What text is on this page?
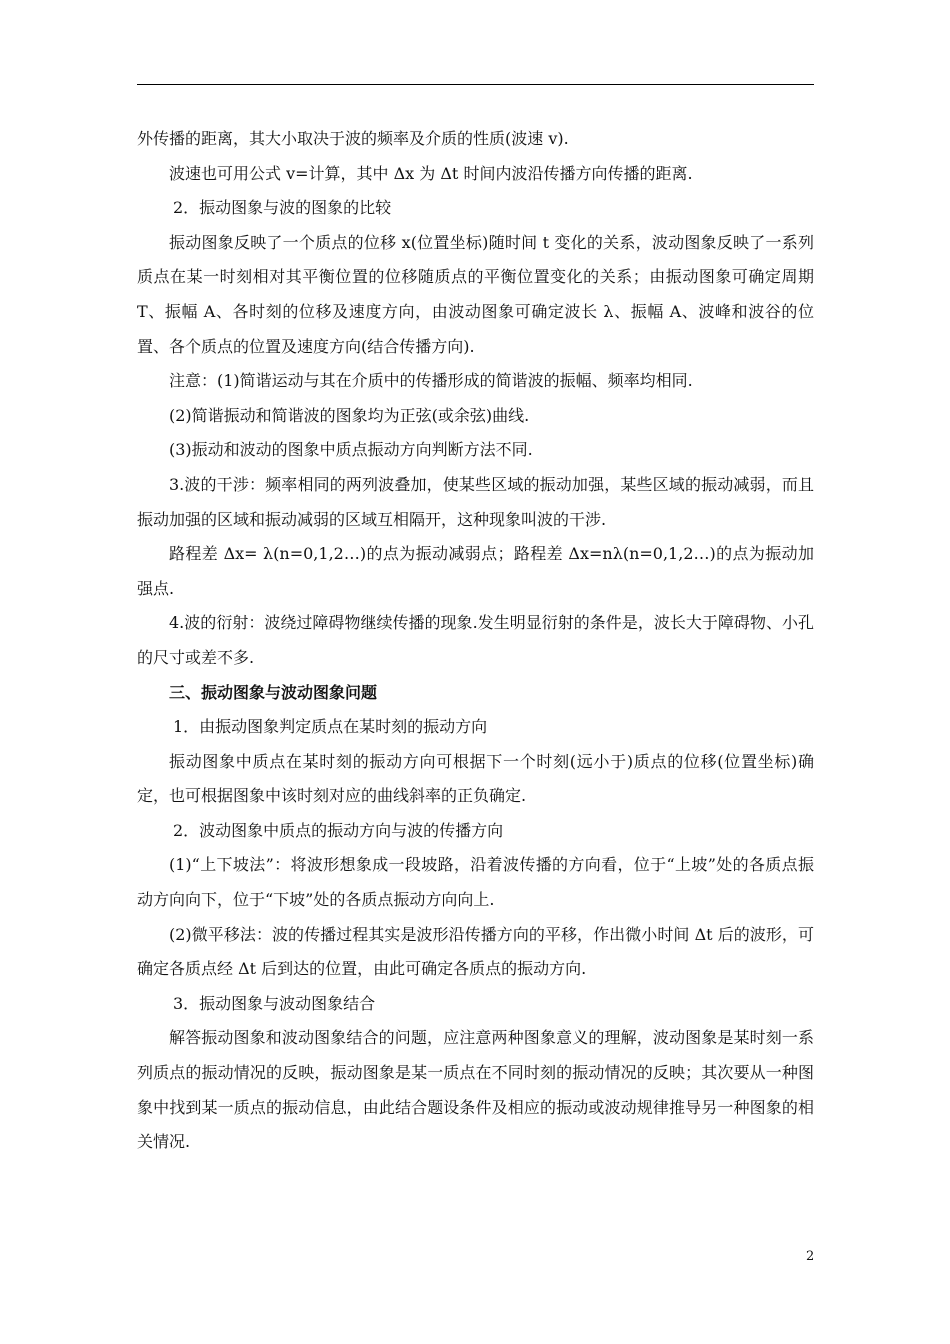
外传播的距离，其大小取决于波的频率及介质的性质(波速 v).

波速也可用公式 v=计算，其中 Δx 为 Δt 时间内波沿传播方向传播的距离.

2．振动图象与波的图象的比较

振动图象反映了一个质点的位移 x(位置坐标)随时间 t 变化的关系，波动图象反映了一系列质点在某一时刻相对其平衡位置的位移随质点的平衡位置变化的关系；由振动图象可确定周期 T、振幅 A、各时刻的位移及速度方向，由波动图象可确定波长 λ、振幅 A、波峰和波谷的位置、各个质点的位置及速度方向(结合传播方向).

注意：(1)简谐运动与其在介质中的传播形成的简谐波的振幅、频率均相同.

(2)简谐振动和简谐波的图象均为正弦(或余弦)曲线.

(3)振动和波动的图象中质点振动方向判断方法不同.

3.波的干涉：频率相同的两列波叠加，使某些区域的振动加强，某些区域的振动减弱，而且振动加强的区域和振动减弱的区域互相隔开，这种现象叫波的干涉.

路程差 Δx= λ(n=0,1,2…)的点为振动减弱点；路程差 Δx=nλ(n=0,1,2…)的点为振动加强点.

4.波的衍射：波绕过障碍物继续传播的现象.发生明显衍射的条件是，波长大于障碍物、小孔的尺寸或差不多.

三、振动图象与波动图象问题

1．由振动图象判定质点在某时刻的振动方向

振动图象中质点在某时刻的振动方向可根据下一个时刻(远小于)质点的位移(位置坐标)确定，也可根据图象中该时刻对应的曲线斜率的正负确定.

2．波动图象中质点的振动方向与波的传播方向

(1)“上下坡法”：将波形想象成一段坡路，沿着波传播的方向看，位于“上坡”处的各质点振动方向向下，位于“下坡”处的各质点振动方向向上.

(2)微平移法：波的传播过程其实是波形沿传播方向的平移，作出微小时间 Δt 后的波形，可确定各质点经 Δt 后到达的位置，由此可确定各质点的振动方向.

3．振动图象与波动图象结合

解答振动图象和波动图象结合的问题，应注意两种图象意义的理解，波动图象是某时刻一系列质点的振动情况的反映，振动图象是某一质点在不同时刻的振动情况的反映；其次要从一种图象中找到某一质点的振动信息，由此结合题设条件及相应的振动或波动规律推导另一种图象的相关情况.

2
